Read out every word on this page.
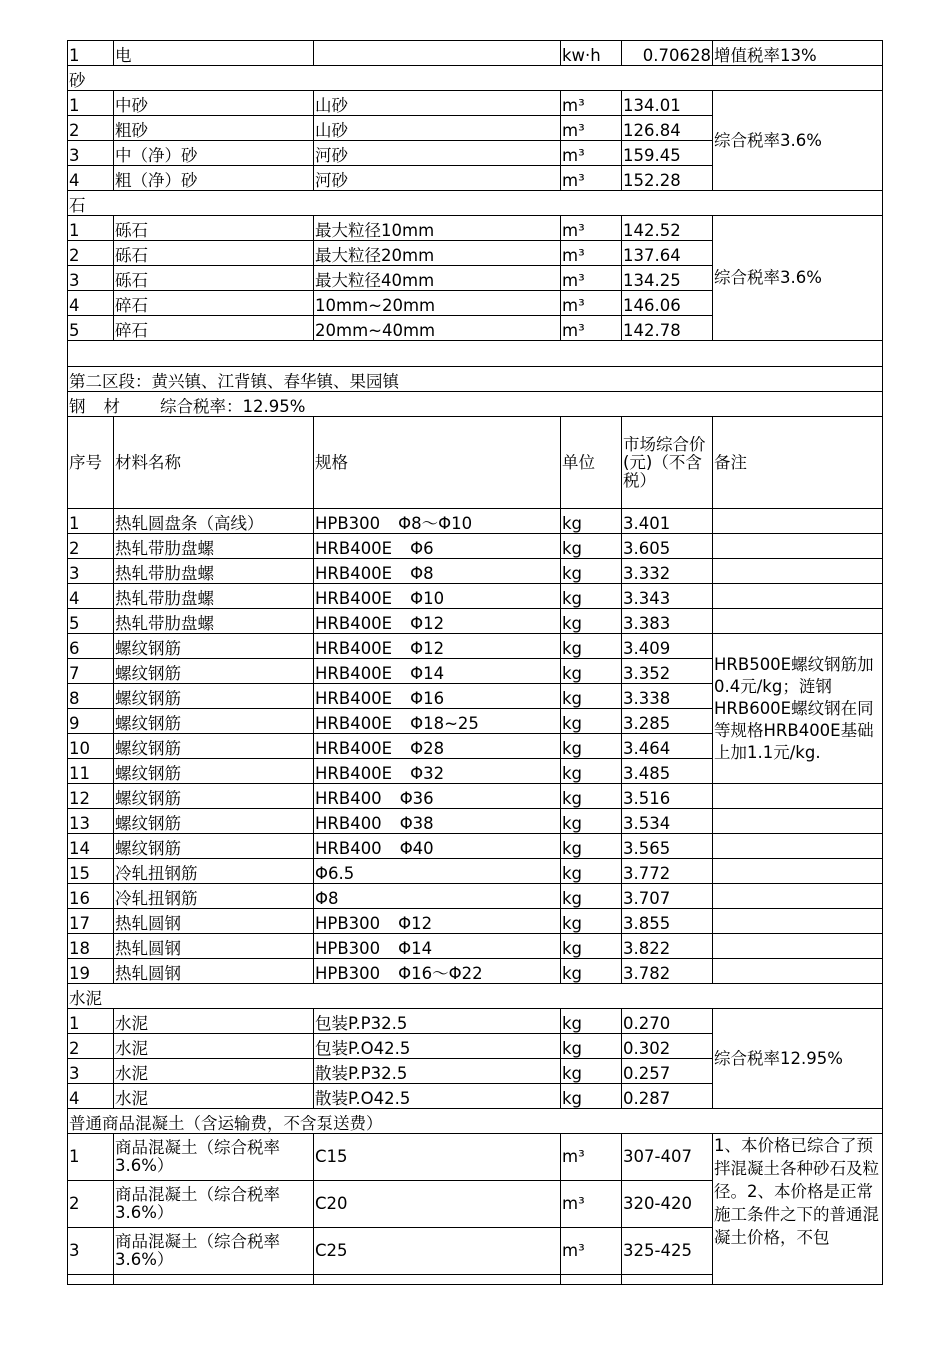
1	电		kw·h	0.70628	增值税率13%
砂					
1	中砂	山砂	m³	134.01	综合税率3.6%
2	粗砂	山砂	m³	126.84	
3	中（净）砂	河砂	m³	159.45	
4	粗（净）砂	河砂	m³	152.28	
石					
1	砾石	最大粒径10mm	m³	142.52	综合税率3.6%
2	砾石	最大粒径20mm	m³	137.64	
3	砾石	最大粒径40mm	m³	134.25	
4	碎石	10mm~20mm	m³	146.06	
5	碎石	20mm~40mm	m³	142.78	

第二区段：黄兴镇、江背镇、春华镇、果园镇					
钢 材 综合税率：12.95%					
序号	材料名称	规格	单位	市场综合价(元)（不含税）	备注
1	热轧圆盘条（高线）	HPB300 Φ8～Φ10	kg	3.401	
2	热轧带肋盘螺	HRB400E Φ6	kg	3.605	
3	热轧带肋盘螺	HRB400E Φ8	kg	3.332	
4	热轧带肋盘螺	HRB400E Φ10	kg	3.343	
5	热轧带肋盘螺	HRB400E Φ12	kg	3.383	
6	螺纹钢筋	HRB400E Φ12	kg	3.409	HRB500E螺纹钢筋加0.4元/kg；涟钢HRB600E螺纹钢在同等规格HRB400E基础上加1.1元/kg.
7	螺纹钢筋	HRB400E Φ14	kg	3.352	
8	螺纹钢筋	HRB400E Φ16	kg	3.338	
9	螺纹钢筋	HRB400E Φ18~25	kg	3.285	
10	螺纹钢筋	HRB400E Φ28	kg	3.464	
11	螺纹钢筋	HRB400E Φ32	kg	3.485	
12	螺纹钢筋	HRB400 Φ36	kg	3.516	
13	螺纹钢筋	HRB400 Φ38	kg	3.534	
14	螺纹钢筋	HRB400 Φ40	kg	3.565	
15	冷轧扭钢筋	Φ6.5	kg	3.772	
16	冷轧扭钢筋	Φ8	kg	3.707	
17	热轧圆钢	HPB300 Φ12	kg	3.855	
18	热轧圆钢	HPB300 Φ14	kg	3.822	
19	热轧圆钢	HPB300 Φ16～Φ22	kg	3.782	
水泥					
1	水泥	包装P.P32.5	kg	0.270	综合税率12.95%
2	水泥	包装P.O42.5	kg	0.302	
3	水泥	散装P.P32.5	kg	0.257	
4	水泥	散装P.O42.5	kg	0.287	
普通商品混凝土（含运输费，不含泵送费）					
1	商品混凝土（综合税率3.6%）	C15	m³	307-407	1、本价格已综合了预拌混凝土各种砂石及粒径。2、本价格是正常施工条件之下的普通混凝土价格，不包
2	商品混凝土（综合税率3.6%）	C20	m³	320-420	
3	商品混凝土（综合税率3.6%）	C25	m³	325-425	
